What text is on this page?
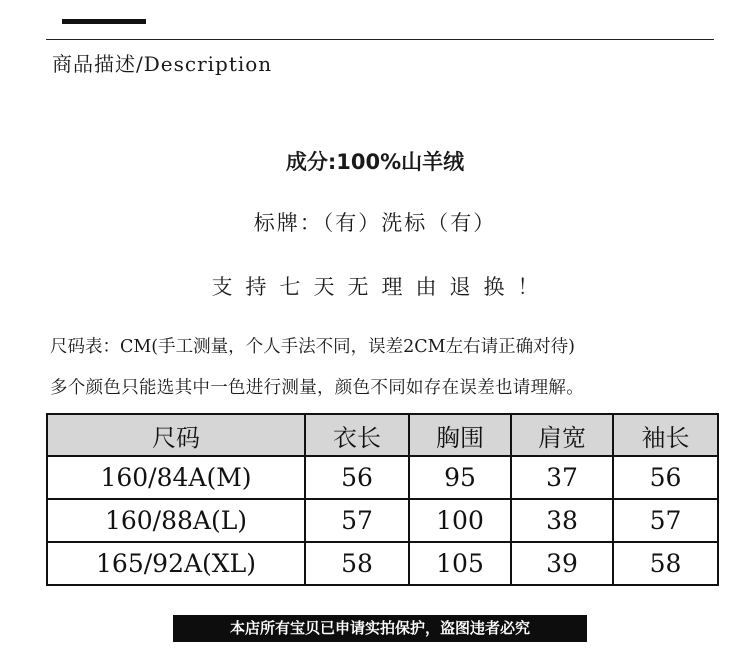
商品描述/Description
成分:100%山羊绒
标牌：（有）洗标（有）
支持七天无理由退换！
尺码表：CM(手工测量，个人手法不同，误差2CM左右请正确对待)
多个颜色只能选其中一色进行测量，颜色不同如存在误差也请理解。
尺码	衣长	胸围	肩宽	袖长
160/84A(M)	56	95	37	56
160/88A(L)	57	100	38	57
165/92A(XL)	58	105	39	58
本店所有宝贝已申请实拍保护，盗图违者必究
